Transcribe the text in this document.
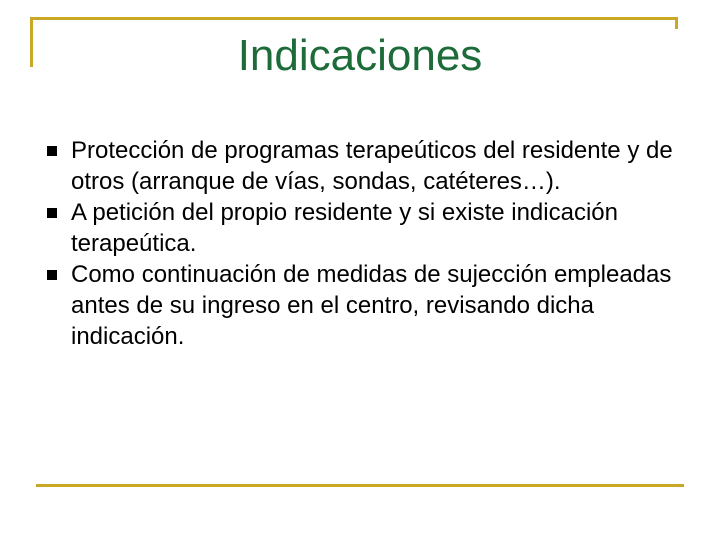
Indicaciones
Protección de programas terapeúticos del residente y de otros (arranque de vías, sondas, catéteres…).
A petición del propio residente y si existe indicación terapeútica.
Como continuación de medidas de sujección empleadas antes de su ingreso en el centro, revisando dicha indicación.
